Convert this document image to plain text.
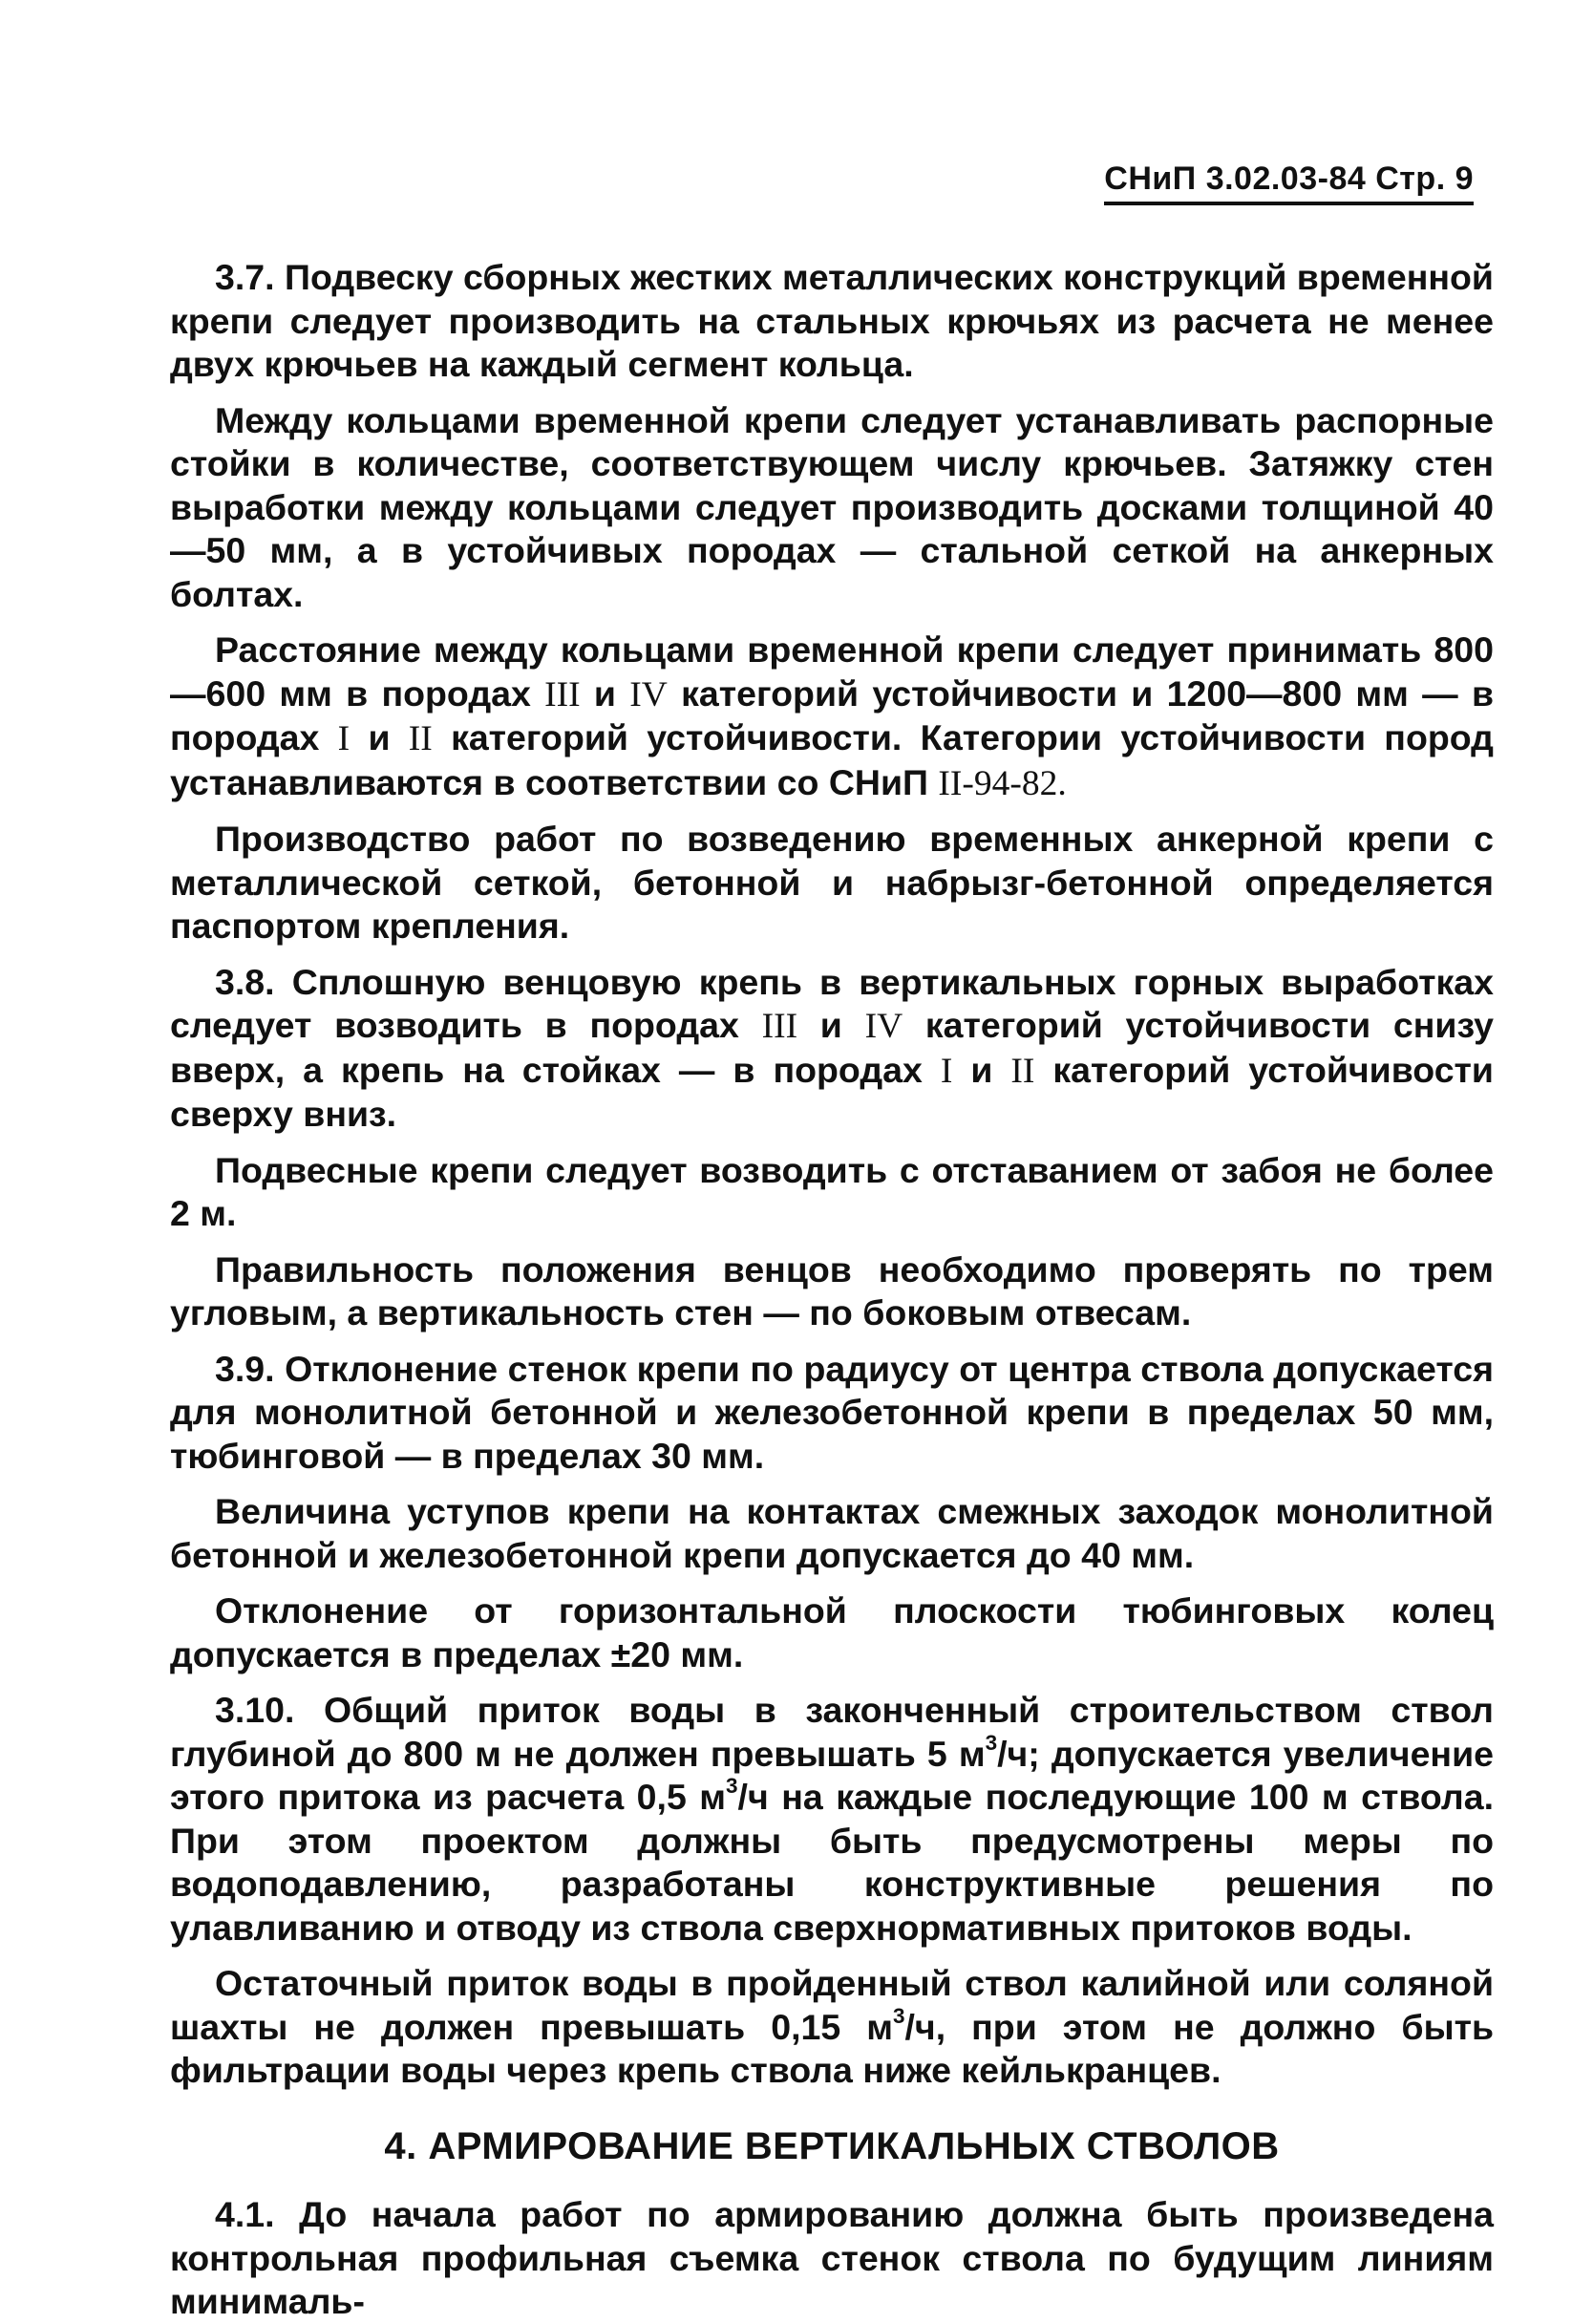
СНиП 3.02.03-84 Стр. 9

3.7. Подвеску сборных жестких металлических конструкций временной крепи следует производить на стальных крючьях из расчета не менее двух крючьев на каждый сегмент кольца.

Между кольцами временной крепи следует устанавливать распорные стойки в количестве, соответствующем числу крючьев. Затяжку стен выработки между кольцами следует производить досками толщиной 40—50 мм, а в устойчивых породах — стальной сеткой на анкерных болтах.

Расстояние между кольцами временной крепи следует принимать 800—600 мм в породах III и IV категорий устойчивости и 1200—800 мм — в породах I и II категорий устойчивости. Категории устойчивости пород устанавливаются в соответствии со СНиП II-94-82.

Производство работ по возведению временных анкерной крепи с металлической сеткой, бетонной и набрызг-бетонной определяется паспортом крепления.

3.8. Сплошную венцовую крепь в вертикальных горных выработках следует возводить в породах III и IV категорий устойчивости снизу вверх, а крепь на стойках — в породах I и II категорий устойчивости сверху вниз.

Подвесные крепи следует возводить с отставанием от забоя не более 2 м.

Правильность положения венцов необходимо проверять по трем угловым, а вертикальность стен — по боковым отвесам.

3.9. Отклонение стенок крепи по радиусу от центра ствола допускается для монолитной бетонной и железобетонной крепи в пределах 50 мм, тюбинговой — в пределах 30 мм.

Величина уступов крепи на контактах смежных заходок монолитной бетонной и железобетонной крепи допускается до 40 мм.

Отклонение от горизонтальной плоскости тюбинговых колец допускается в пределах ±20 мм.

3.10. Общий приток воды в законченный строительством ствол глубиной до 800 м не должен превышать 5 $м^3/ч$; допускается увеличение этого притока из расчета 0,5 $м^3/ч$ на каждые последующие 100 м ствола. При этом проектом должны быть предусмотрены меры по водоподавлению, разработаны конструктивные решения по улавливанию и отводу из ствола сверхнормативных притоков воды.

Остаточный приток воды в пройденный ствол калийной или соляной шахты не должен превышать 0,15 $м^3/ч$, при этом не должно быть фильтрации воды через крепь ствола ниже кейлькранцев.

4. АРМИРОВАНИЕ ВЕРТИКАЛЬНЫХ СТВОЛОВ

4.1. До начала работ по армированию должна быть произведена контрольная профильная съемка стенок ствола по будущим линиям минималь-
